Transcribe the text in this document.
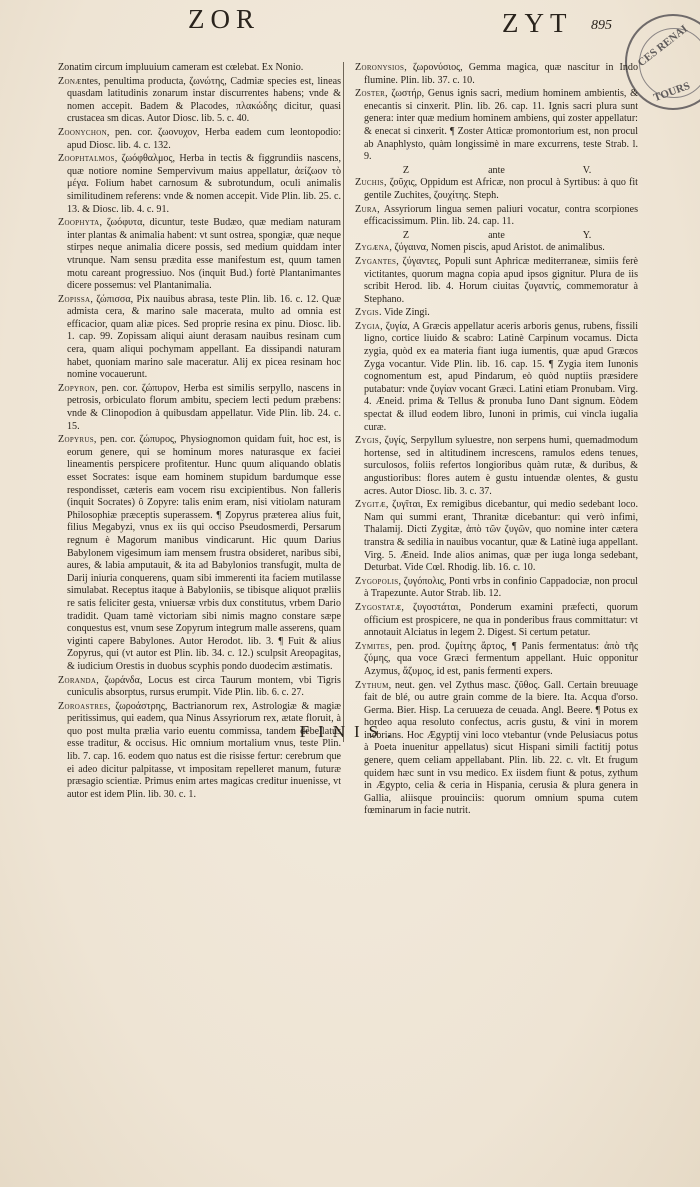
ZOR	ZYT 895 CES RENAI
TOURS
Zonatim circum impluuium cameram est cœlebat. Ex Nonio.
Zonæntes, penultima producta, ζωνώτης, Cadmiæ species est, lineas quasdam latitudinis zonarum instar discurrentes habens; vnde & nomen accepit. Badem & Placodes, πλακώδης dicitur, quasi crustacea sm dicas. Autor Diosc. lib. 5. c. 40.
Zoonychon, pen. cor. ζωονυχον, Herba eadem cum leontopodio: apud Diosc. lib. 4. c. 132.
Zoophtalmos, ζωόφθαλμος, Herba in tectis & figgrundiis nascens, quæ notiore nomine Sempervivum maius appellatur, ἀείζωον τὸ μέγα. Folium habet carnosum & subrotundum, oculi animalis similitudinem referens: vnde & nomen accepit. Vide Plin. lib. 25. c. 13. & Diosc. lib. 4. c. 91.
Zoophyta, ζωόφυτα, dicuntur, teste Budæo, quæ mediam naturam inter plantas & animalia habent: vt sunt ostrea, spongiæ, quæ neque stirpes neque animalia dicere possis, sed medium quiddam inter vtrunque. Nam sensu prædita esse manifestum est, quum tamen motu careant progressiuo. Nos (inquit Bud.) fortè Plantanimantes dicere possemus: vel Plantanimalia.
Zopissa, ζώπισσα, Pix nauibus abrasa, teste Plin. lib. 16. c. 12. Quæ admista cera, & marino sale macerata, multo ad omnia est efficacior, quam aliæ pices. Sed proprie resina ex pinu. Diosc. lib. 1. cap. 99. Zopissam aliqui aiunt derasam nauibus resinam cum cera, quam aliqui pochymam appellant. Ea dissipandi naturam habet, quoniam marino sale maceratur. Alij ex picea resinam hoc nomine vocauerunt.
Zopyron, pen. cor. ζώπυρον, Herba est similis serpyllo, nascens in petrosis, orbiculato florum ambitu, speciem lecti pedum præbens: vnde & Clinopodion à quibusdam appellatur. Vide Plin. lib. 24. c. 15.
Zopyrus, pen. cor. ζώπυρος, Physiognomon quidam fuit, hoc est, is eorum genere, qui se hominum mores naturasque ex faciei lineamentis perspicere profitentur. Hunc quum aliquando oblatis esset Socrates: isque eam hominem stupidum bardumque esse respondisset, cæteris eam vocem risu excipientibus. Non falleris (inquit Socrates) ô Zopyre: talis enim eram, nisi vitiolam naturam Philosophiæ præceptis superassem. ¶ Zopyrus præterea alius fuit, filius Megabyzi, vnus ex iis qui occiso Pseudosmerdi, Persarum regnum è Magorum manibus vindicarunt. Hic quum Darius Babylonem vigesimum iam mensem frustra obsideret, naribus sibi, aures, & labia amputauit, & ita ad Babylonios transfugit, multa de Darij iniuria conquerens, quam sibi immerenti ita faciem mutilasse simulabat. Receptus itaque à Babyloniis, se tibisque aliquot præliis re satis feliciter gesta, vniuersæ vrbis dux constitutus, vrbem Dario tradidit. Quam tamè victoriam sibi nimis magno constare sæpe conquestus est, vnum sese Zopyrum integrum malle asserens, quam viginti capere Babylones. Autor Herodot. lib. 3. ¶ Fuit & alius Zopyrus, qui (vt autor est Plin. lib. 34. c. 12.) sculpsit Areopagitas, & iudicium Orestis in duobus scyphis pondo duodecim æstimatis.
Zoranda, ζωράνδα, Locus est circa Taurum montem, vbi Tigris cuniculis absorptus, rursus erumpit. Vide Plin. lib. 6. c. 27.
Zoroastres, ζωροάστρης, Bactrianorum rex, Astrologiæ & magiæ peritissimus, qui eadem, qua Ninus Assyriorum rex, ætate floruit, à quo post multa prælia vario euentu commissa, tandem debellatus esse traditur, & occisus. Hic omnium mortalium vnus, teste Plin. lib. 7. cap. 16. eodem quo natus est die risisse fertur: cerebrum que ei adeo dicitur palpitasse, vt impositam repelleret manum, futuræ præsagio scientiæ. Primus enim artes magicas creditur inuenisse, vt autor est idem Plin. lib. 30. c. 1.
Zoronysios, ζωρονύσιος, Gemma magica, quæ nascitur in Indo flumine. Plin. lib. 37. c. 10.
Zoster, ζωστήρ, Genus ignis sacri, medium hominem ambientis, & enecantis si cinxerit. Plin. lib. 26. cap. 11. Ignis sacri plura sunt genera: inter quæ medium hominem ambiens, qui zoster appellatur: & enecat si cinxerit. ¶ Zoster Atticæ promontorium est, non procul ab Anaphlysto, quàm longissimè in mare excurrens, teste Strab. l. 9.
Z	ante	V.
Zuchis, ζοῦχις, Oppidum est Africæ, non procul à Syrtibus: à quo fit gentile Zuchites, ζουχίτης. Steph.
Zura, Assyriorum lingua semen paliuri vocatur, contra scorpiones efficacissimum. Plin. lib. 24. cap. 11.
Z	ante	Y.
Zygæna, ζύγαινα, Nomen piscis, apud Aristot. de animalibus.
Zygantes, ζύγαντες, Populi sunt Aphricæ mediterraneæ, simiis ferè victitantes, quorum magna copia apud ipsos gignitur. Plura de iis scribit Herod. lib. 4. Horum ciuitas ζυγαντίς, commemoratur à Stephano.
Zygis. Vide Zingi.
Zygia, ζυγία, A Græcis appellatur aceris arboris genus, rubens, fissili ligno, cortice liuido & scabro: Latinè Carpinum vocamus. Dicta zygia, quòd ex ea materia fiant iuga iumentis, quæ apud Græcos Zyga vocantur. Vide Plin. lib. 16. cap. 15. ¶ Zygia item Iunonis cognomentum est, apud Pindarum, eò quòd nuptiis præsidere putabatur: vnde ζυγίαν vocant Græci. Latini etiam Pronubam. Virg. 4. Æneid. prima & Tellus & pronuba Iuno Dant signum. Eòdem spectat & illud eodem libro, Iunoni in primis, cui vincla iugalia curæ.
Zygis, ζυγίς, Serpyllum syluestre, non serpens humi, quemadmodum hortense, sed in altitudinem increscens, ramulos edens tenues, surculosos, foliis refertos longioribus quàm rutæ, & duribus, & angustioribus: flores autem è gustu intuendæ olentes, & gustu acres. Autor Diosc. lib. 3. c. 37.
Zygitæ, ζυγῖται, Ex remigibus dicebantur, qui medio sedebant loco. Nam qui summi erant, Thranitæ dicebantur: qui verò infimi, Thalamij. Dicti Zygitæ, ἀπὸ τῶν ζυγῶν, quo nomine inter cætera transtra & sedilia in nauibus vocantur, quæ & Latinè iuga appellant. Virg. 5. Æneid. Inde alios animas, quæ per iuga longa sedebant, Deturbat. Vide Cœl. Rhodig. lib. 16. c. 10.
Zygopolis, ζυγόπολις, Ponti vrbs in confinio Cappadociæ, non procul à Trapezunte. Autor Strab. lib. 12.
Zygostatæ, ζυγοστάται, Ponderum examini præfecti, quorum officium est prospicere, ne qua in ponderibus fraus committatur: vt annotauit Alciatus in legem 2. Digest. Si certum petatur.
Zymites, pen. prod. ζυμίτης ἄρτος, ¶ Panis fermentatus: ἀπὸ τῆς ζύμης, qua voce Græci fermentum appellant. Huic opponitur Azymus, ἄζυμος, id est, panis fermenti expers.
Zythum, neut. gen. vel Zythus masc. ζῦθος. Gall. Certain breuuage fait de blé, ou autre grain comme de la biere. Ita. Acqua d'orso. Germa. Bier. Hisp. La ceruueza de ceuada. Angl. Beere. ¶ Potus ex hordeo aqua resoluto confectus, acris gustu, & vini in morem inebrians. Hoc Ægyptij vini loco vtebantur (vnde Pelusiacus potus à Poeta inuenitur appellatus) sicut Hispani simili factitij potus genere, quem celiam appellabant. Plin. lib. 22. c. vlt. Et frugum quidem hæc sunt in vsu medico. Ex iisdem fiunt & potus, zythum in Ægypto, celia & ceria in Hispania, cerusia & plura genera in Gallia, aliisque prouinciis: quorum omnium spuma cutem fœminarum in facie nutrit.
FINIS.
